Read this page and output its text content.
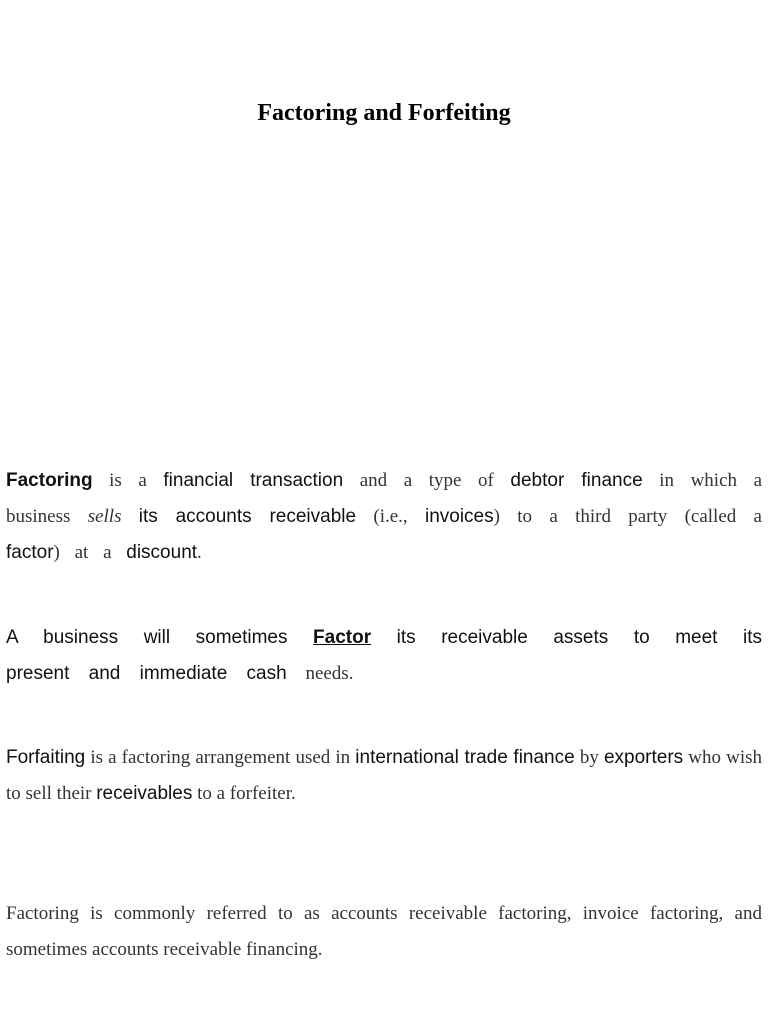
Factoring and Forfeiting

Factoring is a financial transaction and a type of debtor finance in which a business sells its accounts receivable (i.e., invoices) to a third party (called a factor) at a discount.

A business will sometimes Factor its receivable assets to meet its present and immediate cash needs.

Forfaiting is a factoring arrangement used in international trade finance by exporters who wish to sell their receivables to a forfeiter.

Factoring is commonly referred to as accounts receivable factoring, invoice factoring, and sometimes accounts receivable financing.
